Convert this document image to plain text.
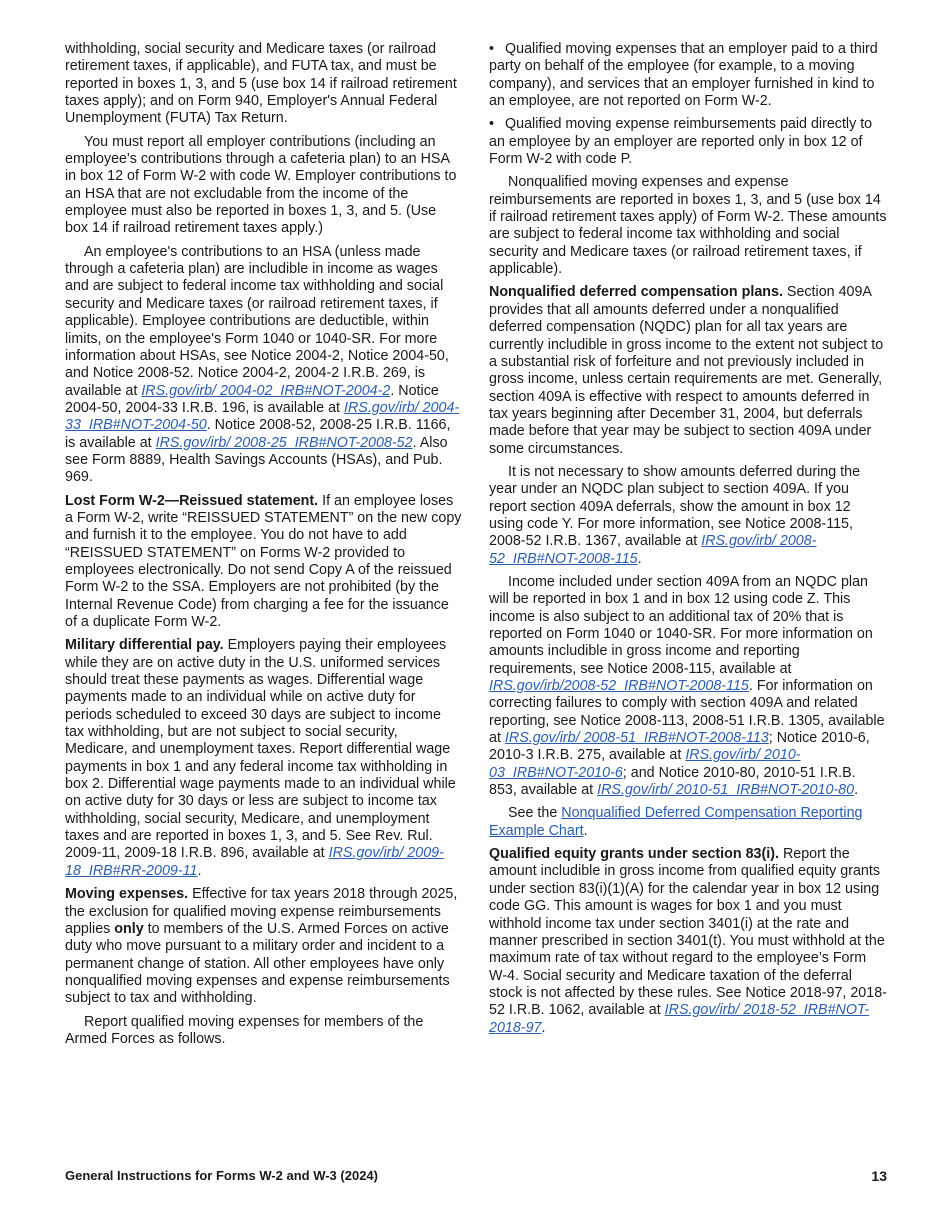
withholding, social security and Medicare taxes (or railroad retirement taxes, if applicable), and FUTA tax, and must be reported in boxes 1, 3, and 5 (use box 14 if railroad retirement taxes apply); and on Form 940, Employer's Annual Federal Unemployment (FUTA) Tax Return.

You must report all employer contributions (including an employee's contributions through a cafeteria plan) to an HSA in box 12 of Form W-2 with code W. Employer contributions to an HSA that are not excludable from the income of the employee must also be reported in boxes 1, 3, and 5. (Use box 14 if railroad retirement taxes apply.)

An employee's contributions to an HSA (unless made through a cafeteria plan) are includible in income as wages and are subject to federal income tax withholding and social security and Medicare taxes (or railroad retirement taxes, if applicable). Employee contributions are deductible, within limits, on the employee's Form 1040 or 1040-SR. For more information about HSAs, see Notice 2004-2, Notice 2004-50, and Notice 2008-52. Notice 2004-2, 2004-2 I.R.B. 269, is available at IRS.gov/irb/ 2004-02_IRB#NOT-2004-2. Notice 2004-50, 2004-33 I.R.B. 196, is available at IRS.gov/irb/ 2004-33_IRB#NOT-2004-50. Notice 2008-52, 2008-25 I.R.B. 1166, is available at IRS.gov/irb/ 2008-25_IRB#NOT-2008-52. Also see Form 8889, Health Savings Accounts (HSAs), and Pub. 969.

Lost Form W-2—Reissued statement. If an employee loses a Form W-2, write “REISSUED STATEMENT” on the new copy and furnish it to the employee. You do not have to add “REISSUED STATEMENT” on Forms W-2 provided to employees electronically. Do not send Copy A of the reissued Form W-2 to the SSA. Employers are not prohibited (by the Internal Revenue Code) from charging a fee for the issuance of a duplicate Form W-2.

Military differential pay. Employers paying their employees while they are on active duty in the U.S. uniformed services should treat these payments as wages. Differential wage payments made to an individual while on active duty for periods scheduled to exceed 30 days are subject to income tax withholding, but are not subject to social security, Medicare, and unemployment taxes. Report differential wage payments in box 1 and any federal income tax withholding in box 2. Differential wage payments made to an individual while on active duty for 30 days or less are subject to income tax withholding, social security, Medicare, and unemployment taxes and are reported in boxes 1, 3, and 5. See Rev. Rul. 2009-11, 2009-18 I.R.B. 896, available at IRS.gov/irb/ 2009-18_IRB#RR-2009-11.

Moving expenses. Effective for tax years 2018 through 2025, the exclusion for qualified moving expense reimbursements applies only to members of the U.S. Armed Forces on active duty who move pursuant to a military order and incident to a permanent change of station. All other employees have only nonqualified moving expenses and expense reimbursements subject to tax and withholding.

Report qualified moving expenses for members of the Armed Forces as follows.

• Qualified moving expenses that an employer paid to a third party on behalf of the employee (for example, to a moving company), and services that an employer furnished in kind to an employee, are not reported on Form W-2.

• Qualified moving expense reimbursements paid directly to an employee by an employer are reported only in box 12 of Form W-2 with code P.

Nonqualified moving expenses and expense reimbursements are reported in boxes 1, 3, and 5 (use box 14 if railroad retirement taxes apply) of Form W-2. These amounts are subject to federal income tax withholding and social security and Medicare taxes (or railroad retirement taxes, if applicable).

Nonqualified deferred compensation plans. Section 409A provides that all amounts deferred under a nonqualified deferred compensation (NQDC) plan for all tax years are currently includible in gross income to the extent not subject to a substantial risk of forfeiture and not previously included in gross income, unless certain requirements are met. Generally, section 409A is effective with respect to amounts deferred in tax years beginning after December 31, 2004, but deferrals made before that year may be subject to section 409A under some circumstances.

It is not necessary to show amounts deferred during the year under an NQDC plan subject to section 409A. If you report section 409A deferrals, show the amount in box 12 using code Y. For more information, see Notice 2008-115, 2008-52 I.R.B. 1367, available at IRS.gov/irb/ 2008-52_IRB#NOT-2008-115.

Income included under section 409A from an NQDC plan will be reported in box 1 and in box 12 using code Z. This income is also subject to an additional tax of 20% that is reported on Form 1040 or 1040-SR. For more information on amounts includible in gross income and reporting requirements, see Notice 2008-115, available at IRS.gov/irb/2008-52_IRB#NOT-2008-115. For information on correcting failures to comply with section 409A and related reporting, see Notice 2008-113, 2008-51 I.R.B. 1305, available at IRS.gov/irb/ 2008-51_IRB#NOT-2008-113; Notice 2010-6, 2010-3 I.R.B. 275, available at IRS.gov/irb/ 2010-03_IRB#NOT-2010-6; and Notice 2010-80, 2010-51 I.R.B. 853, available at IRS.gov/irb/ 2010-51_IRB#NOT-2010-80.

See the Nonqualified Deferred Compensation Reporting Example Chart.

Qualified equity grants under section 83(i). Report the amount includible in gross income from qualified equity grants under section 83(i)(1)(A) for the calendar year in box 12 using code GG. This amount is wages for box 1 and you must withhold income tax under section 3401(i) at the rate and manner prescribed in section 3401(t). You must withhold at the maximum rate of tax without regard to the employee’s Form W-4. Social security and Medicare taxation of the deferral stock is not affected by these rules. See Notice 2018-97, 2018-52 I.R.B. 1062, available at IRS.gov/irb/ 2018-52_IRB#NOT-2018-97.

General Instructions for Forms W-2 and W-3 (2024)	13
